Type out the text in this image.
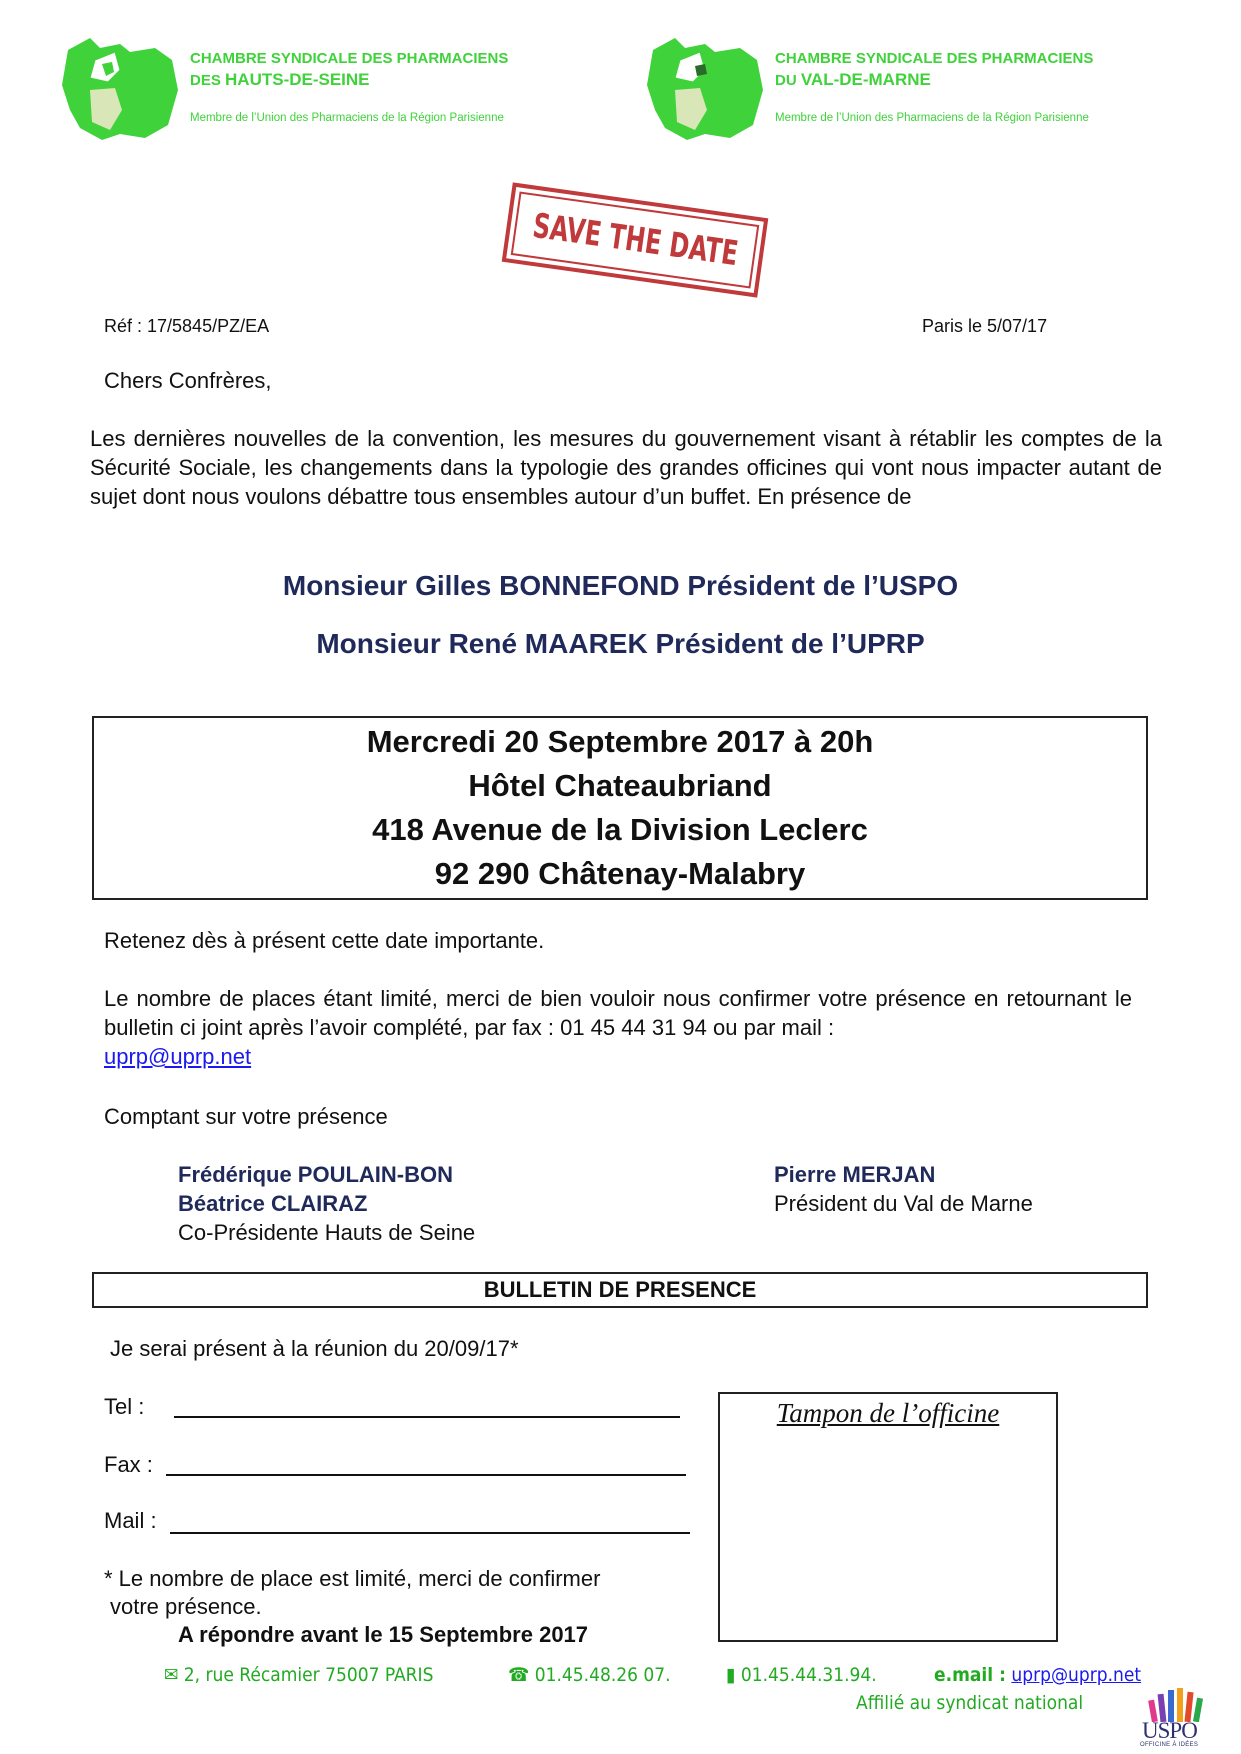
CHAMBRE SYNDICALE DES PHARMACIENS
DES HAUTS-DE-SEINE
Membre de l’Union des Pharmaciens de la Région Parisienne
CHAMBRE SYNDICALE DES PHARMACIENS
DU VAL-DE-MARNE
Membre de l’Union des Pharmaciens de la Région Parisienne
SAVE THE DATE
Réf : 17/5845/PZ/EA	Paris le 5/07/17
Chers Confrères,
Les dernières nouvelles de la convention, les mesures du gouvernement visant à rétablir les comptes de la Sécurité Sociale, les changements dans la typologie des grandes officines qui vont nous impacter autant de sujet dont nous voulons débattre tous ensembles autour d’un buffet. En présence de
Monsieur Gilles BONNEFOND Président de l’USPO
Monsieur René MAAREK Président de l’UPRP
Mercredi 20 Septembre 2017 à 20h
Hôtel Chateaubriand
418 Avenue de la Division Leclerc
92 290 Châtenay-Malabry
Retenez dès à présent cette date importante.
Le nombre de places étant limité, merci de bien vouloir nous confirmer votre présence en retournant le bulletin ci joint après l’avoir complété, par fax : 01 45 44 31 94 ou par mail :
uprp@uprp.net
Comptant sur votre présence
Frédérique POULAIN-BON
Béatrice CLAIRAZ
Co-Présidente Hauts de Seine
Pierre MERJAN
Président du Val de Marne
BULLETIN DE PRESENCE
Je serai présent à la réunion du 20/09/17*
Tel :
Fax :
Mail :
Tampon de l’officine
* Le nombre de place est limité, merci de confirmer
votre présence.
A répondre avant le 15 Septembre 2017
✉ 2, rue Récamier 75007 PARIS	☎ 01.45.48.26 07.	▮ 01.45.44.31.94.	e.mail : uprp@uprp.net
Affilié au syndicat national
USPO
OFFICINE À IDÉES
